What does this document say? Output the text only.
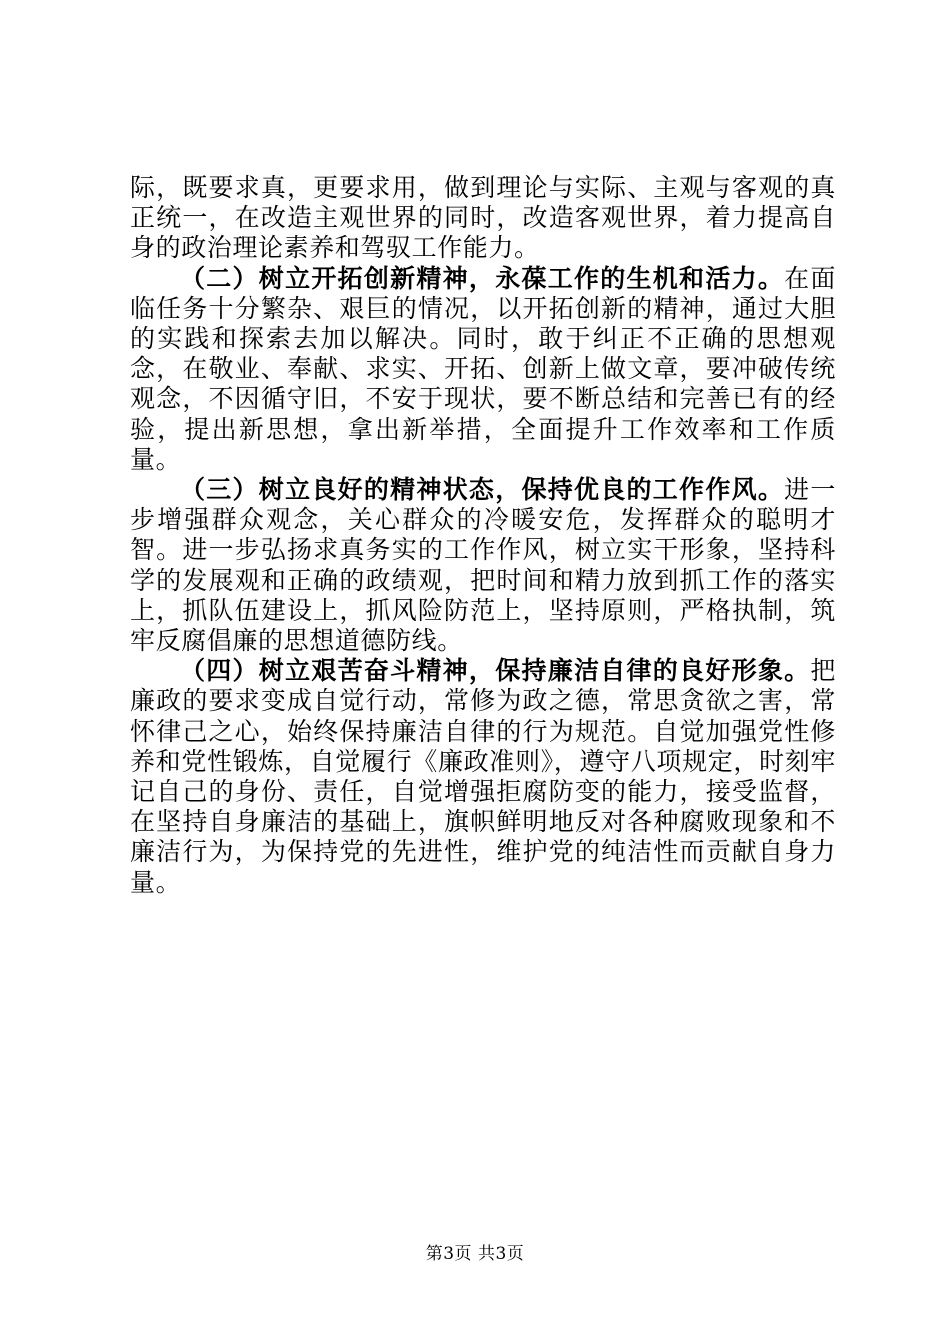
际，既要求真，更要求用，做到理论与实际、主观与客观的真正统一，在改造主观世界的同时，改造客观世界，着力提高自身的政治理论素养和驾驭工作能力。

（二）树立开拓创新精神，永葆工作的生机和活力。在面临任务十分繁杂、艰巨的情况，以开拓创新的精神，通过大胆的实践和探索去加以解决。同时，敢于纠正不正确的思想观念，在敬业、奉献、求实、开拓、创新上做文章，要冲破传统观念，不因循守旧，不安于现状，要不断总结和完善已有的经验，提出新思想，拿出新举措，全面提升工作效率和工作质量。

（三）树立良好的精神状态，保持优良的工作作风。进一步增强群众观念，关心群众的冷暖安危，发挥群众的聪明才智。进一步弘扬求真务实的工作作风，树立实干形象，坚持科学的发展观和正确的政绩观，把时间和精力放到抓工作的落实上，抓队伍建设上，抓风险防范上，坚持原则，严格执制，筑牢反腐倡廉的思想道德防线。

（四）树立艰苦奋斗精神，保持廉洁自律的良好形象。把廉政的要求变成自觉行动，常修为政之德，常思贪欲之害，常怀律己之心，始终保持廉洁自律的行为规范。自觉加强党性修养和党性锻炼，自觉履行《廉政准则》，遵守八项规定，时刻牢记自己的身份、责任，自觉增强拒腐防变的能力，接受监督，在坚持自身廉洁的基础上，旗帜鲜明地反对各种腐败现象和不廉洁行为，为保持党的先进性，维护党的纯洁性而贡献自身力量。

第3页 共3页
